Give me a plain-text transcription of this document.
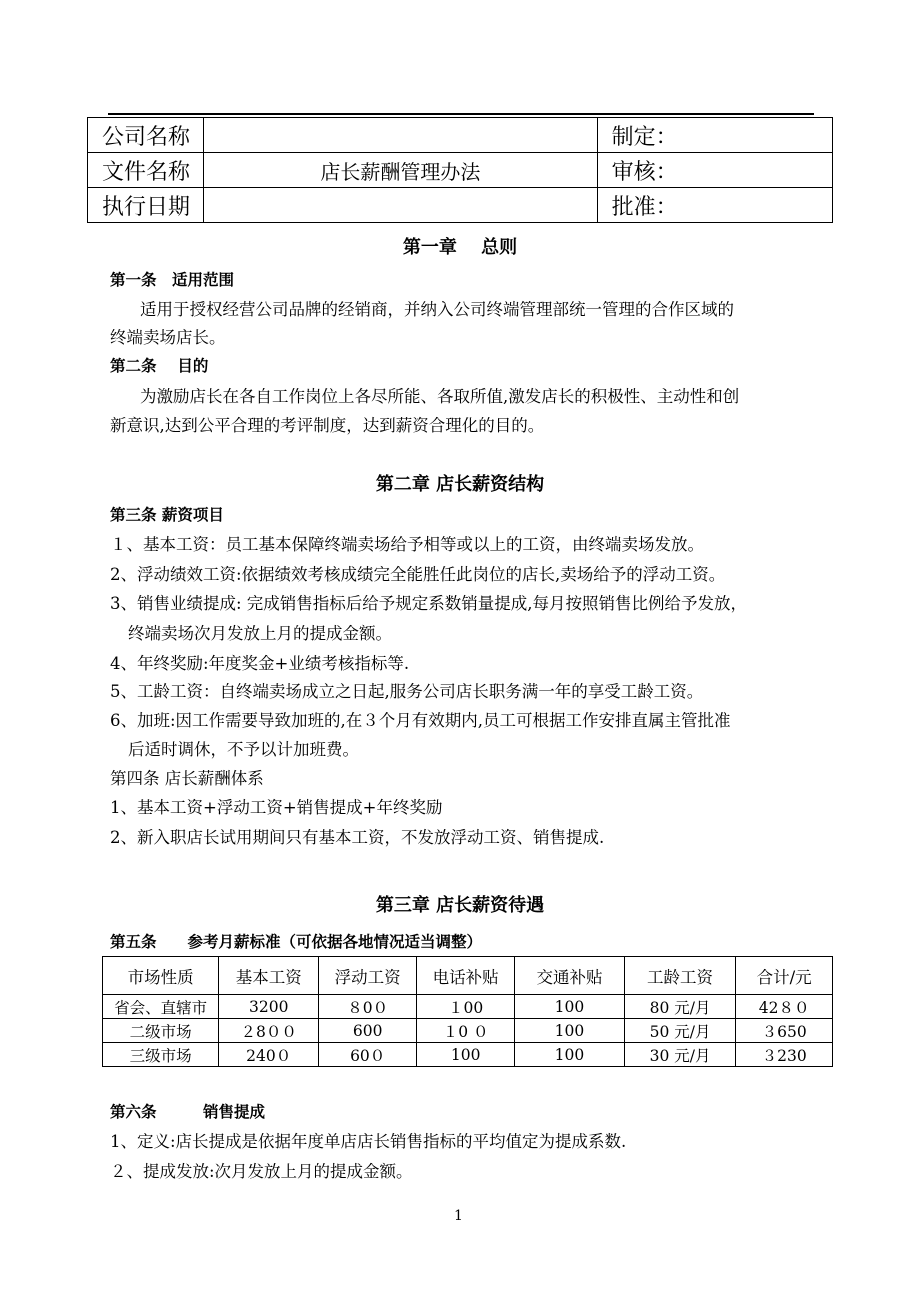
公司名称		制定：
文件名称	店长薪酬管理办法	审核：
执行日期		批准：
第一章　 总则
第一条　适用范围
适用于授权经营公司品牌的经销商，并纳入公司终端管理部统一管理的合作区域的
终端卖场店长。
第二条　 目的
为激励店长在各自工作岗位上各尽所能、各取所值,激发店长的积极性、主动性和创
新意识,达到公平合理的考评制度，达到薪资合理化的目的。
第二章 店长薪资结构
第三条 薪资项目
１、基本工资：员工基本保障终端卖场给予相等或以上的工资，由终端卖场发放。
2、浮动绩效工资:依据绩效考核成绩完全能胜任此岗位的店长,卖场给予的浮动工资。
3、销售业绩提成: 完成销售指标后给予规定系数销量提成,每月按照销售比例给予发放，
终端卖场次月发放上月的提成金额。
4、年终奖励:年度奖金+业绩考核指标等.
5、工龄工资：自终端卖场成立之日起,服务公司店长职务满一年的享受工龄工资。
6、加班:因工作需要导致加班的,在３个月有效期内,员工可根据工作安排直属主管批准
后适时调休，不予以计加班费。
第四条 店长薪酬体系
1、基本工资+浮动工资+销售提成+年终奖励
2、新入职店长试用期间只有基本工资，不发放浮动工资、销售提成.
第三章 店长薪资待遇
第五条　　参考月薪标准（可依据各地情况适当调整）
市场性质	基本工资	浮动工资	电话补贴	交通补贴	工龄工资	合计/元
省会、直辖市	3200	８0０	１00	100	80 元/月	42８０
二级市场	２8００	600	１0 ０	100	50 元/月	３650
三级市场	240０	60０	100	100	30 元/月	３230
第六条　　　销售提成
1、定义:店长提成是依据年度单店店长销售指标的平均值定为提成系数.
２、提成发放:次月发放上月的提成金额。
1
